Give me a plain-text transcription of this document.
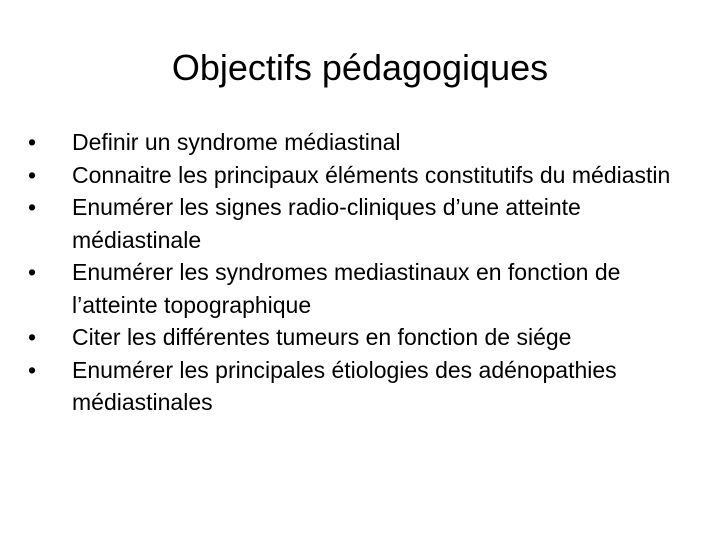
Objectifs pédagogiques
• Definir un syndrome médiastinal
• Connaitre les principaux éléments constitutifs du médiastin
• Enumérer les signes radio-cliniques d’une atteinte médiastinale
• Enumérer les syndromes mediastinaux en fonction de l’atteinte topographique
• Citer les différentes tumeurs en fonction de siége
• Enumérer les principales étiologies des adénopathies médiastinales
